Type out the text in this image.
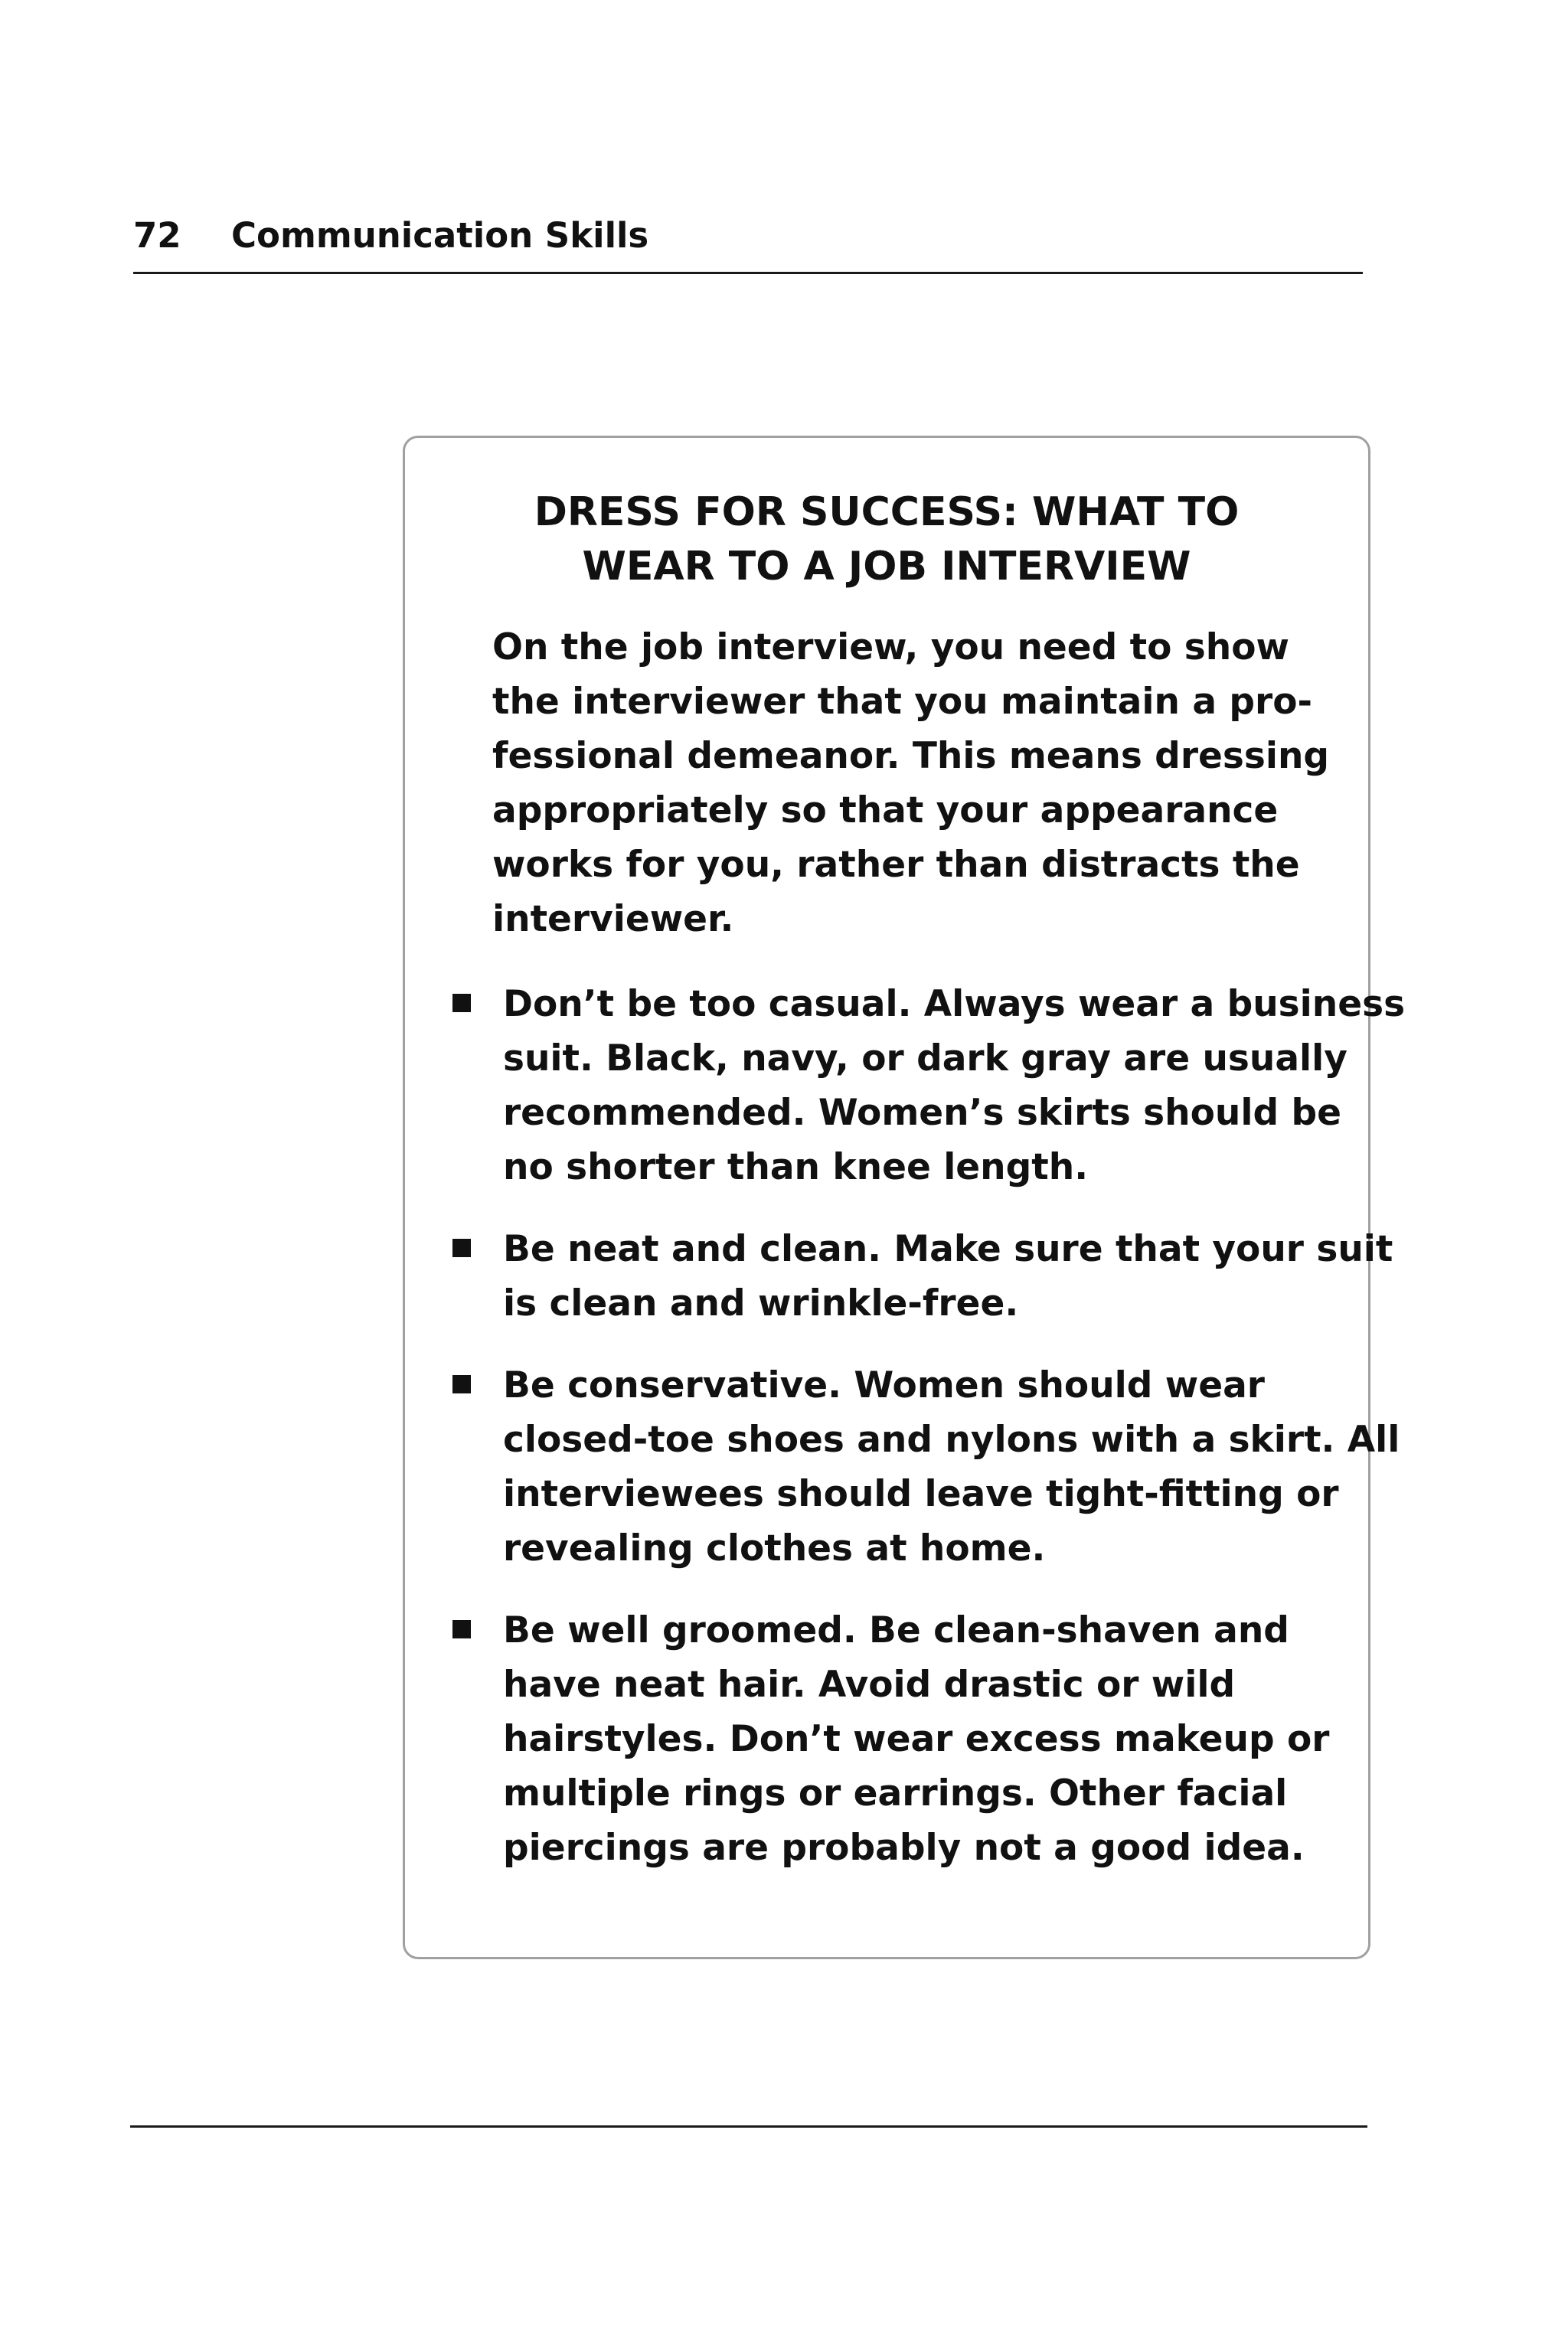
72 Communication Skills
DRESS FOR SUCCESS: WHAT TO
WEAR TO A JOB INTERVIEW
On the job interview, you need to show
the interviewer that you maintain a pro-
fessional demeanor. This means dressing
appropriately so that your appearance
works for you, rather than distracts the
interviewer.
Don’t be too casual. Always wear a business
suit. Black, navy, or dark gray are usually
recommended. Women’s skirts should be
no shorter than knee length.
Be neat and clean. Make sure that your suit
is clean and wrinkle-free.
Be conservative. Women should wear
closed-toe shoes and nylons with a skirt. All
interviewees should leave tight-fitting or
revealing clothes at home.
Be well groomed. Be clean-shaven and
have neat hair. Avoid drastic or wild
hairstyles. Don’t wear excess makeup or
multiple rings or earrings. Other facial
piercings are probably not a good idea.
